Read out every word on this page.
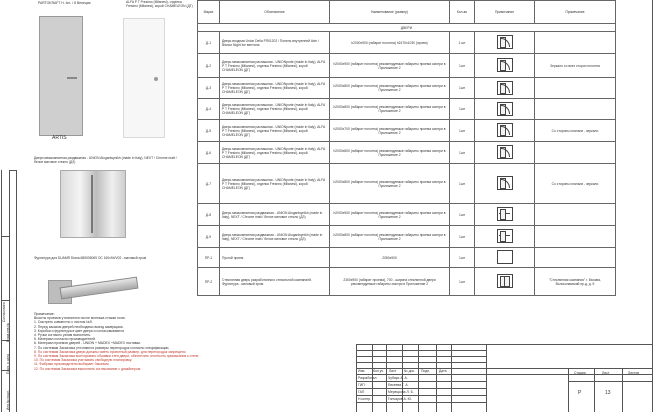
Согласовано
Взам.инв.№
Подп. и дата
Инв.№ подл.
PARTOKRAFT H. 4m. / 8 Венеция	ALFA P T Fresimo (Milanesi), отделка Fresimo (Milanesi), корой CHAMELEON (ДГ)
ARTIS
Двери межкомнатная раздвижная - UNION Alugantsynikh (made in Italy), NEXT / Chrome matt / белое матовое стекло (ДЗ)
Фурнитура для DUAMR Diana 685005069 ОС 160x94/V02 - матовый хром
Примечание:
Высоты проемов уточняются после монтажа стяжки пола.
1. Смотреть совместно с листом №9.
2. Перед заказом дверей необходимо выезд замерщика.
3. Коробки и фурнитура в цвет двери и согласовываются
4. Ручки согласно узлам выполнить.
5. Материал согласно производителей.
6. Материал проемов дверей - UNION + MADEX +MADEX поставки.
7. По системам Заказчика уточняются размеры перегородок согласно спецификации.
8. По системам Заказчика двери должны иметь проектный размер, для перегородок запрещено
9. По системам Заказчика монтировать обшивки стен двери, обеспечить плотность примыкания к стене.
10. По системам Заказчика учитывать свободную планировку.
11. Фабрики производители выбирает Заказчик.
12. По системам Заказчика выполнить согласование с дизайнером.
Марка	Обозначение	Наименование (размер)	Кол-во	Примечание	Примечание
ДВЕРИ					
Д-1	Дверь входная Union Della FR01202 / Понель внутренней Arte / Bianco Night Ice вентила	h2000x900 (габарит полотна) h2470x1030 (проем)	1 шт	

Д-2	Дверь межкомнатная распашная - UNIONporte (made in Italy), ALFA P T Fresimo (Milanesi), отделка Fresimo (Milanesi), корой CHAMELEON (ДГ)	h2000x900 (габарит полотна) рекомендуемые габариты проема смотри в Приложение 2	1шт		Зеркало со всех сторон полотна
Д-3	Дверь межкомнатная распашная - UNIONporte (made in Italy), ALFA P T Fresimo (Milanesi), отделка Fresimo (Milanesi), корой CHAMELEON (ДГ)	h2000x800 (габарит полотна) рекомендуемые габариты проема смотри в Приложение 2	1шт	

Д-4	Дверь межкомнатная распашная - UNIONporte (made in Italy), ALFA P T Fresimo (Milanesi), отделка Fresimo (Milanesi), корой CHAMELEON (ДГ)	h2000x800 (габарит полотна) рекомендуемые габариты проема смотри в Приложение 2	1шт	

Д-5	Дверь межкомнатная распашная - UNIONporte (made in Italy), ALFA P T Fresimo (Milanesi), отделка Fresimo (Milanesi), корой CHAMELEON (ДГ)	h2000x700 (габарит полотна) рекомендуемые габариты проема смотри в Приложение 2	1шт		Со стороны спальни - зеркало
Д-6	Дверь межкомнатная распашная - UNIONporte (made in Italy), ALFA P T Fresimo (Milanesi), отделка Fresimo (Milanesi), корой CHAMELEON (ДГ)	h2000x800 (габарит полотна) рекомендуемые габариты проема смотри в Приложение 2	1шт	

Д-7	Дверь межкомнатная распашная - UNIONporte (made in Italy), ALFA P T Fresimo (Milanesi), отделка Fresimo (Milanesi), корой CHAMELEON (ДГ)	h2000x800 (габарит полотна) рекомендуемые габариты проема смотри в Приложение 2	1шт		Со стороны спальни - зеркало
Д-8	Дверь межкомнатная раздвижная - UNION Alugantsynikh (made in Italy), NEXT / Chrome matt / белое матовое стекло (ДЗ)	h2000x900 (габарит полотна) рекомендуемые габариты проема смотри в Приложение 2	1шт	

Д-9	Дверь межкомнатная раздвижная - UNION Alugantsynikh (made in Italy), NEXT / Chrome matt / белое матовое стекло (ДЗ)	h2000x800 (габарит полотна) рекомендуемые габариты проема смотри в Приложение 2	1шт	

ПР-1	Пустой проем	2050x900	1шт		
ПР-2	Стеклянная дверь разработанного стекольной компанией. Фурнитура - матовый хром.	2300x900 (габарит проема), 700 - ширина стеклянной двери рекомендуемые габариты смотри в Приложение 2	1шт		"Стеклянная компания" г. Москва, Волоколамский пр-д, д. 5
Изм. Кол.уч. Лист № док. Подп.	Дата
Разработал	Чубарь А. А.
ГИП	Евсеева Г. А.
ГАП	Мерецкова Л. Б.
Н.контр.	Гончаров А. Ю.
Стадия	Лист	Листов
Р	13
